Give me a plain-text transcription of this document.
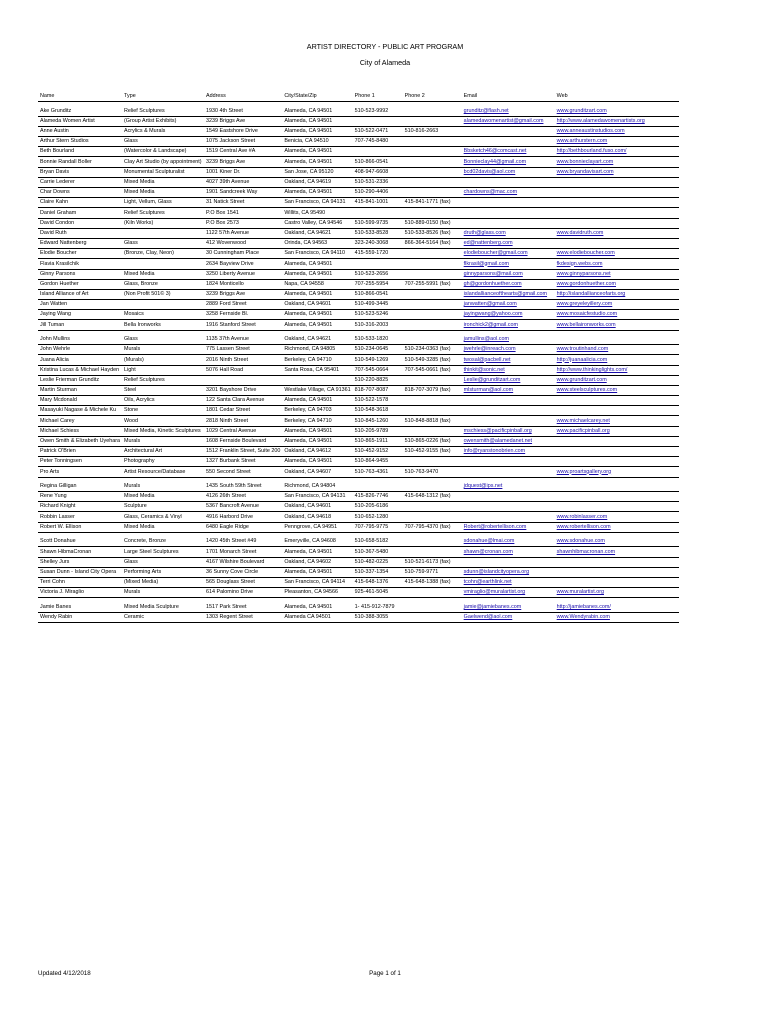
ARTIST DIRECTORY - PUBLIC ART PROGRAM
City of Alameda
Name	Type	Address	City/State/Zip	Phone 1	Phone 2	Email	Web
Ake Grunditz	Relief Sculptures	1930 4th Street	Alameda, CA 94501	510-523-9992		grunditz@flash.net	www.grunditzart.com
Alameda Women Artist	(Group Artist Exhibits)	3239 Briggs Ave	Alameda, CA 94501			alamedawomenartist@gmail.com	http://www.alamedawomenartists.org
Anne Austin	Acrylics & Murals	1549 Eastshore Drive	Alameda, CA 94501	510-522-0471	510-816-2663		www.anneaustinstudios.com
Arthur Stern Studios	Glass	1075 Jackson Street	Benicia, CA 94510	707-745-8480			www.arthurstern.com
Beth Bourland	(Watercolor & Landscape)	1519 Central Ave #A	Alameda, CA 94501			Bbsketch46@comcast.net	http://bethbourland.fuso.com/
Bonnie Randall Boller	Clay Art Studio (by appointment)	3239 Briggs Ave	Alameda, CA 94501	510-866-0541		Bonnieclay44@gmail.com	www.bonnieclayart.com
Bryan Davis	Monumental Sculpturalist	1001 Kiner Dr.	San Jose, CA 95120	408-947-6608		bcd02davis@aol.com	www.bryandavisart.com
Carrie Lederer	Mixed Media	4027 39th Avenue	Oakland, CA 94619	510-531-2336			
Char Downs	Mixed Media	1901 Sandcreek Way	Alameda, CA 94501	510-290-4406		chardowns@mac.com	
Claire Kahn	Light, Vellum, Glass	31 Natick Street	San Francisco, CA 94131	415-841-1001	415-841-1771 (fax)		
Daniel Graham	Relief Sculptures	P.O Box 1541	Willits, CA 95490				
David Condon	(Kiln Works)	P.O Box 2573	Castro Valley, CA 94546	510-599-9735	510-889-0150 (fax)		
David Ruth		1122 57th Avenue	Oakland, CA 94621	510-533-8528	510-533-8526 (fax)	druth@glass.com	www.davidruth.com
Edward Nattenberg	Glass	412 Wovenwood	Orinda, CA 94563	323-240-3068	866-364-5164 (fax)	ed@nattenberg.com	
Elodie Boucher	(Bronze, Clay, Neon)	30 Cunningham Place	San Francisco, CA 94110	415-559-1720		elodieboucher@gmail.com	www.elodieboucher.com
Flavia Krasilchik		2634 Bayview Drive	Alameda, CA 94501			flkrasil@gmail.com	fkdesign.webs.com
Ginny Parsons	Mixed Media	3250 Liberty Avenue	Alameda, CA 94501	510-523-2656		ginnyparsons@mail.com	www.ginnyparsons.net
Gordon Huether	Glass, Bronze	1824 Monticello	Napa, CA 94558	707-255-5954	707-255-5991 (fax)	gh@gordonhuether.com	www.gordonhuether.com
Island Alliance of Art	(Non Profit 501© 3)	3239 Briggs Ave	Alameda, CA 94501	510-866-0541		islandallianceofthearts@gmail.com	http://islandallianceofarts.org
Jan Watten		2889 Ford Street	Oakland, CA 94601	510-499-3445		janwatten@gmail.com	www.greyeleyillery.com
Jaying Wang	Mosaics	3258 Fernside Bl.	Alameda, CA 94501	510-523-5246		jayingwang@yahoo.com	www.mosaicfestudio.com
Jill Tuman	Bella Ironworks	1916 Stanford Street	Alameda, CA 94501	510-316-2003		ironchick2@gmail.com	www.bellaironworks.com
John Mullins	Glass	1135 37th Avenue	Oakland, CA 94621	510-533-1820		jamullins@aol.com	
John Wehrle	Murals	775 Lassen Street	Richmond, CA 94805	510-234-0645	510-234-0363 (fax)	jwehrle@inreach.com	www.troutinhand.com
Juana Alicia	(Murals)	2016 Ninth Street	Berkeley, CA 94710	510-549-1269	510-549-3285 (fax)	twosal@pacbell.net	http://juanaalicia.com
Kristina Lucas & Michael Hayden	Light	5076 Hall Road	Santa Rosa, CA 95401	707-545-0664	707-545-0661 (fax)	thinkit@sonic.net	http://www.thinkinglights.com/
Leslie Frierman Grunditz	Relief Sculptures			510-220-8825		Leslie@grunditzart.com	www.grunditzart.com
Martin Sturman	Steel	3201 Bayshore Drive	Westlake Village, CA 91361	818-707-8087	818-707-3079 (fax)	mlsturman@aol.com	www.steelsculptures.com
Mary Mcdonald	Oils, Acrylics	122 Santa Clara Avenue	Alameda, CA 94501	510-522-1578			
Masayuki Nagase & Michele Ku	Stone	1801 Cedar Street	Berkeley, CA 94703	510-548-3618			
Michael Carey	Wood	2818 Ninth Street	Berkeley, CA 94710	510-845-1260	510-848-8818 (fax)		www.michaelcarey.net
Michael Schiess	Mixed Media, Kinetic Sculptures	1029 Central Avenue	Alameda, CA 94501	510-205-9789		mschiess@pacificpinball.org	www.pacificpinball.org
Owen Smith & Elizabeth Uyehara	Murals	1608 Fernside Boulevard	Alameda, CA 94501	510-865-1911	510-865-0226 (fax)	owensmith@alamedanet.net	
Patrick O'Brien	Architectural Art	1512 Franklin Street, Suite 200	Oakland, CA 94612	510-452-9152	510-452-9155 (fax)	info@ryanstonobrien.com	
Peter Tonningsen	Photography	1327 Burbank Street	Alameda, CA 94501	510-864-9455			
Pro Arts	Artist Resource/Database	550 Second Street	Oakland, CA 94607	510-763-4361	510-763-9470		www.proartsgallery.org
Regina Gilligan	Murals	1435 South 59th Street	Richmond, CA 94804			jdquest@ips.net	
Rene Yung	Mixed Media	4126 26th Street	San Francisco, CA 94131	415-826-7746	415-648-1312 (fax)		
Richard Knight	Sculpture	5367 Bancroft Avenue	Oakland, CA 94601	510-205-6186			
Robbin Lasser	Glass, Ceramics & Vinyl	4916 Harbord Drive	Oakland, CA 94618	510-652-1280			www.robinlasser.com
Robert W. Ellison	Mixed Media	6480 Eagle Ridge	Penngrove, CA 94951	707-795-9775	707-795-4370 (fax)	Robert@robertellison.com	www.robertellison.com
Scott Donahue	Concrete, Bronze	1420 45th Street #49	Emeryville, CA 94608	510-658-5182		sdonahue@lmai.com	www.sdonahue.com
Shawn HibmaCronan	Large Steel Sculptures	1701 Monarch Street	Alameda, CA 94501	510-367-5480		shawn@cronan.com	shawnhibmacronan.com
Shelley Jurs	Glass	4167 Wilshire Boulevard	Oakland, CA 94602	510-482-0225	510-521-6173 (fax)		
Susan Dunn - Island City Opera	Performing Arts	36 Sunny Cove Circle	Alameda, CA 94501	510-337-1354	510-759-9771	sdunn@islandcityopera.org	
Terri Cohn	(Mixed Media)	565 Douglass Street	San Francisco, CA 94114	415-648-1376	415-648-1388 (fax)	tcohn@earthlink.net	
Victoria J. Miraglio	Murals	614 Palomino Drive	Pleasanton, CA 94566	925-461-5045		vmiraglio@muralartist.org	www.muralartist.org
Jamie Banes	Mixed Media Sculpture	1517 Park Street	Alameda, CA 94501	1- 415-912-7879		jamie@jamiebanes.com	http://jamiebanes.com/
Wendy Rabin	Ceramic	1303 Regent Street	Alameda CA 94501	510-388-3055		Gaelwend@aol.com	www.Wendyrabin.com
Updated 4/12/2018	Page 1 of 1
